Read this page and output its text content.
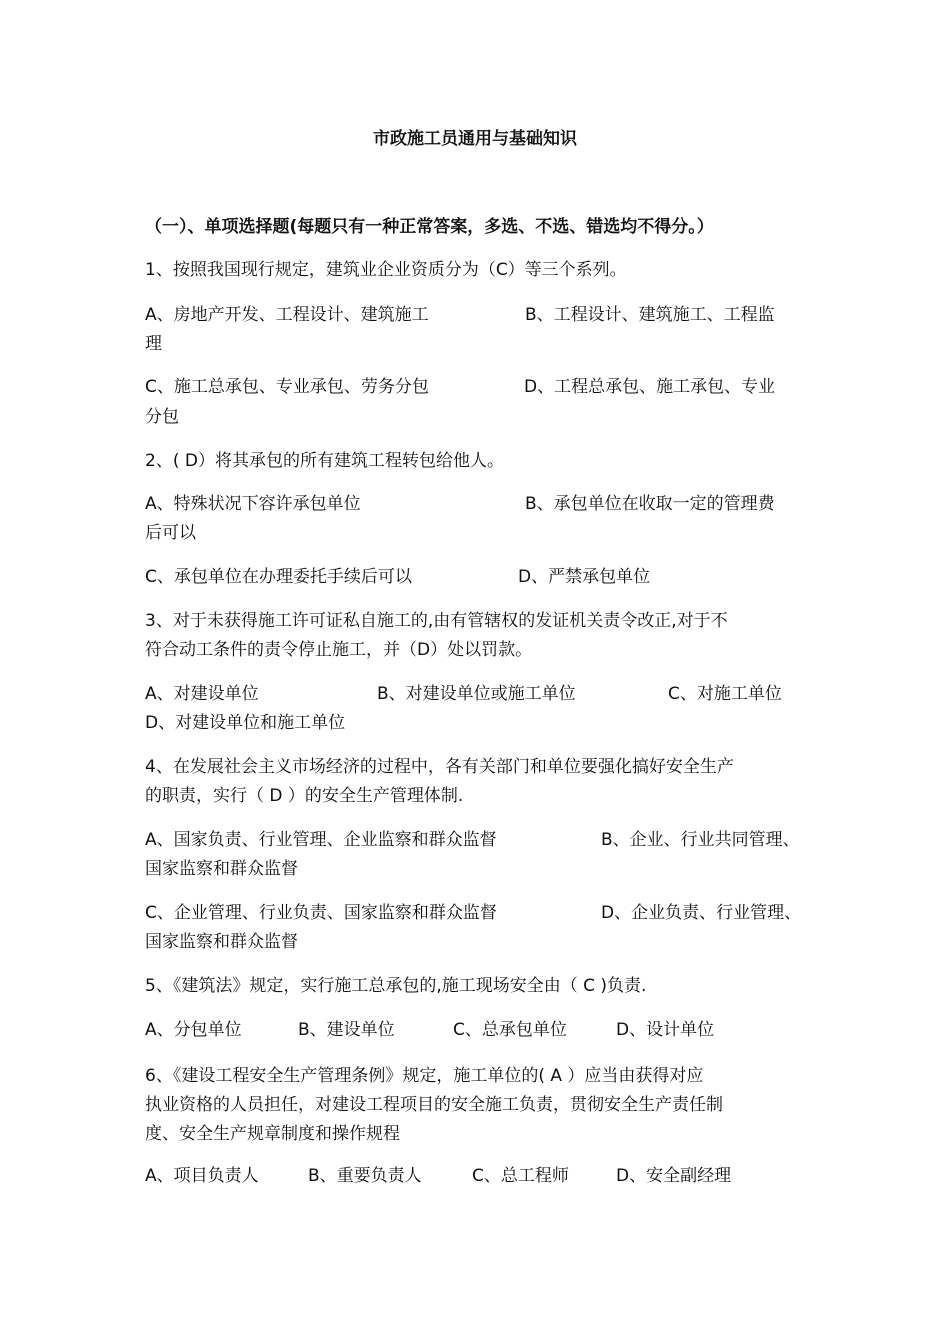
市政施工员通用与基础知识
（一）、单项选择题(每题只有一种正常答案，多选、不选、错选均不得分。）
1、按照我国现行规定，建筑业企业资质分为（C）等三个系列。
A、房地产开发、工程设计、建筑施工	B、工程设计、建筑施工、工程监
理
C、施工总承包、专业承包、劳务分包	D、工程总承包、施工承包、专业
分包
2、( D）将其承包的所有建筑工程转包给他人。
A、特殊状况下容许承包单位	B、承包单位在收取一定的管理费
后可以
C、承包单位在办理委托手续后可以	D、严禁承包单位
3、对于未获得施工许可证私自施工的,由有管辖权的发证机关责令改正,对于不
符合动工条件的责令停止施工，并（D）处以罚款。
A、对建设单位	B、对建设单位或施工单位	C、对施工单位
D、对建设单位和施工单位
4、在发展社会主义市场经济的过程中，各有关部门和单位要强化搞好安全生产
的职责，实行（ D ）的安全生产管理体制.
A、国家负责、行业管理、企业监察和群众监督	B、企业、行业共同管理、
国家监察和群众监督
C、企业管理、行业负责、国家监察和群众监督	D、企业负责、行业管理、
国家监察和群众监督
5、《建筑法》规定，实行施工总承包的,施工现场安全由（ C )负责.
A、分包单位	B、建设单位	C、总承包单位	D、设计单位
6、《建设工程安全生产管理条例》规定，施工单位的( A ）应当由获得对应
执业资格的人员担任，对建设工程项目的安全施工负责，贯彻安全生产责任制
度、安全生产规章制度和操作规程
A、项目负责人	B、重要负责人	C、总工程师	D、安全副经理
